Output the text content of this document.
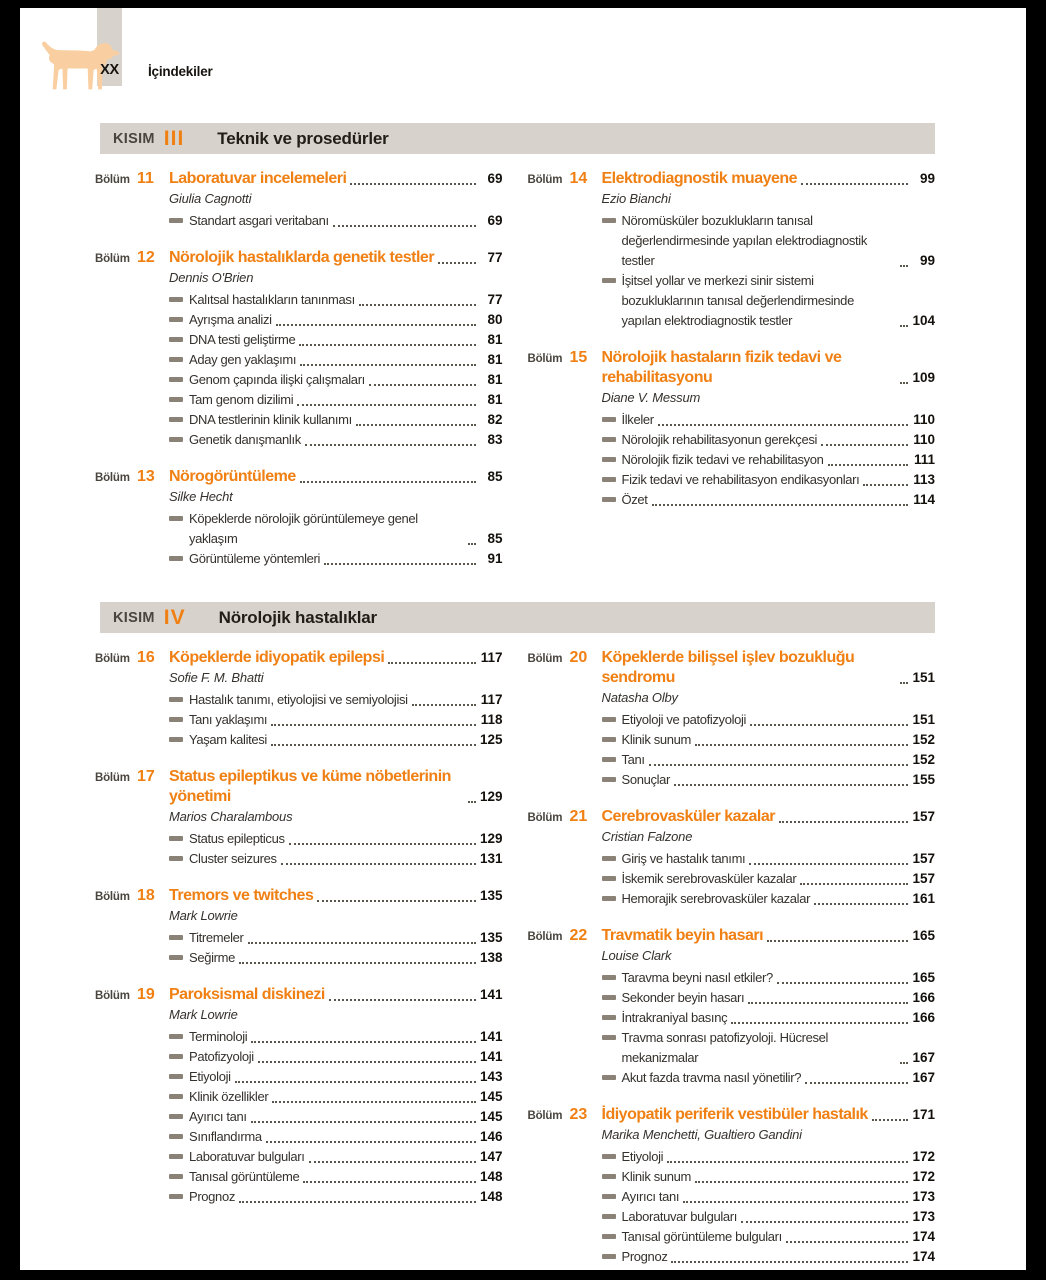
XX	İçindekiler
KISIM III Teknik ve prosedürler
Bölüm 11 Laboratuvar incelemeleri	69
Giulia Cagnotti
Standart asgari veritabanı	69
Bölüm 12 Nörolojik hastalıklarda genetik testler	77
Dennis O'Brien
Kalıtsal hastalıkların tanınması	77
Ayrışma analizi	80
DNA testi geliştirme	81
Aday gen yaklaşımı	81
Genom çapında ilişki çalışmaları	81
Tam genom dizilimi	81
DNA testlerinin klinik kullanımı	82
Genetik danışmanlık	83
Bölüm 13 Nörogörüntüleme	85
Silke Hecht
Köpeklerde nörolojik görüntülemeye genel yaklaşım	85
Görüntüleme yöntemleri	91
Bölüm 14 Elektrodiagnostik muayene	99
Ezio Bianchi
Nöromüsküler bozuklukların tanısal değerlendirmesinde yapılan elektrodiagnostik testler	99
İşitsel yollar ve merkezi sinir sistemi bozukluklarının tanısal değerlendirmesinde yapılan elektrodiagnostik testler	104
Bölüm 15 Nörolojik hastaların fizik tedavi ve rehabilitasyonu	109
Diane V. Messum
İlkeler	110
Nörolojik rehabilitasyonun gerekçesi	110
Nörolojik fizik tedavi ve rehabilitasyon	111
Fizik tedavi ve rehabilitasyon endikasyonları	113
Özet	114
KISIM IV Nörolojik hastalıklar
Bölüm 16 Köpeklerde idiyopatik epilepsi	117
Sofie F. M. Bhatti
Hastalık tanımı, etiyolojisi ve semiyolojisi	117
Tanı yaklaşımı	118
Yaşam kalitesi	125
Bölüm 17 Status epileptikus ve küme nöbetlerinin yönetimi	129
Marios Charalambous
Status epilepticus	129
Cluster seizures	131
Bölüm 18 Tremors ve twitches	135
Mark Lowrie
Titremeler	135
Seğirme	138
Bölüm 19 Paroksismal diskinezi	141
Mark Lowrie
Terminoloji	141
Patofizyoloji	141
Etiyoloji	143
Klinik özellikler	145
Ayırıcı tanı	145
Sınıflandırma	146
Laboratuvar bulguları	147
Tanısal görüntüleme	148
Prognoz	148
Bölüm 20 Köpeklerde bilişsel işlev bozukluğu sendromu	151
Natasha Olby
Etiyoloji ve patofizyoloji	151
Klinik sunum	152
Tanı	152
Sonuçlar	155
Bölüm 21 Cerebrovasküler kazalar	157
Cristian Falzone
Giriş ve hastalık tanımı	157
İskemik serebrovasküler kazalar	157
Hemorajik serebrovasküler kazalar	161
Bölüm 22 Travmatik beyin hasarı	165
Louise Clark
Taravma beyni nasıl etkiler?	165
Sekonder beyin hasarı	166
İntrakraniyal basınç	166
Travma sonrası patofizyoloji. Hücresel mekanizmalar	167
Akut fazda travma nasıl yönetilir?	167
Bölüm 23 İdiyopatik periferik vestibüler hastalık	171
Marika Menchetti, Gualtiero Gandini
Etiyoloji	172
Klinik sunum	172
Ayırıcı tanı	173
Laboratuvar bulguları	173
Tanısal görüntüleme bulguları	174
Prognoz	174
